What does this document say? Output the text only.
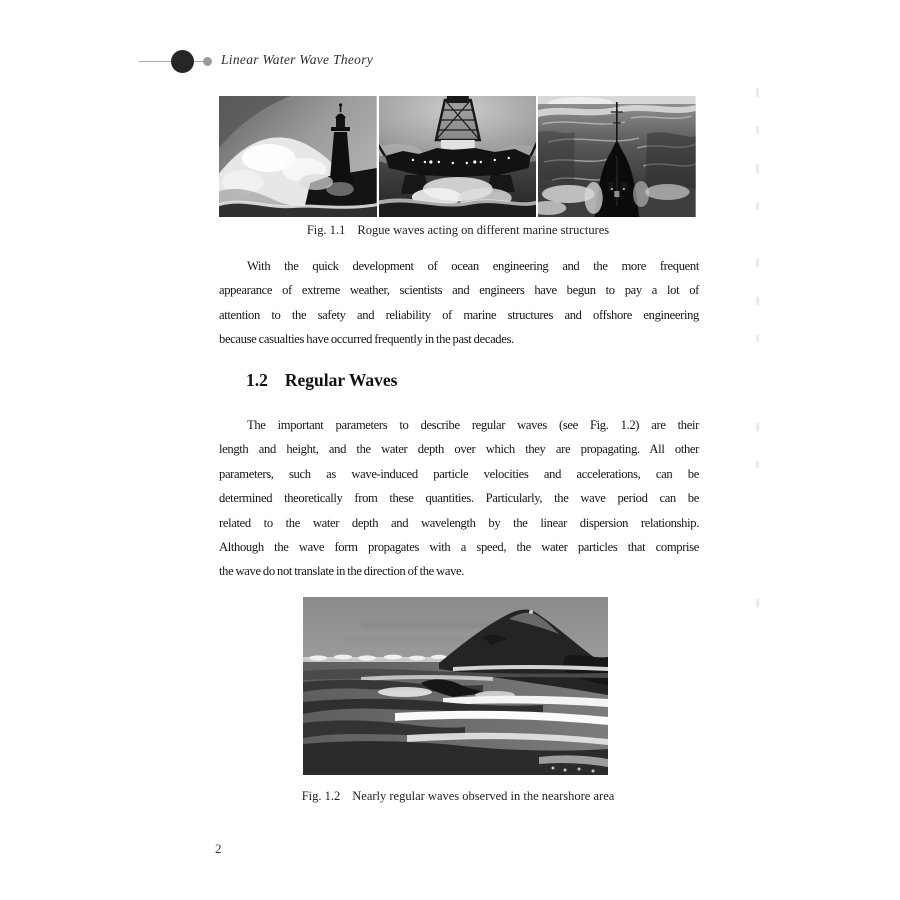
Linear Water Wave Theory
Fig. 1.1 Rogue waves acting on different marine structures
With the quick development of ocean engineering and the more frequent
appearance of extreme weather, scientists and engineers have begun to pay a lot of
attention to the safety and reliability of marine structures and offshore engineering
because casualties have occurred frequently in the past decades.
1.2 Regular Waves
The important parameters to describe regular waves (see Fig. 1.2) are their
length and height, and the water depth over which they are propagating. All other
parameters, such as wave-induced particle velocities and accelerations, can be
determined theoretically from these quantities. Particularly, the wave period can be
related to the water depth and wavelength by the linear dispersion relationship.
Although the wave form propagates with a speed, the water particles that comprise
the wave do not translate in the direction of the wave.
Fig. 1.2 Nearly regular waves observed in the nearshore area
2
